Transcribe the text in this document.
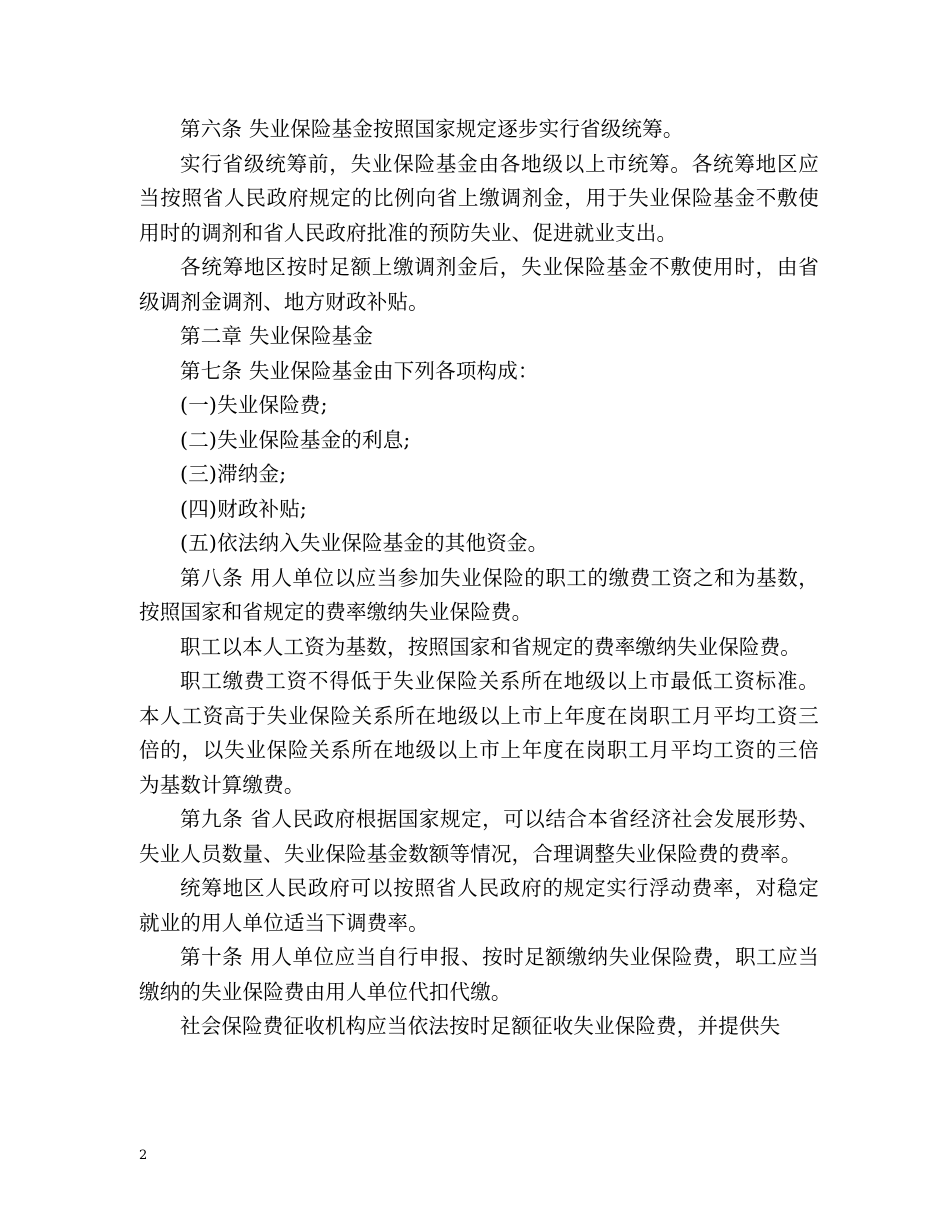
第六条 失业保险基金按照国家规定逐步实行省级统筹。

实行省级统筹前，失业保险基金由各地级以上市统筹。各统筹地区应当按照省人民政府规定的比例向省上缴调剂金，用于失业保险基金不敷使用时的调剂和省人民政府批准的预防失业、促进就业支出。

各统筹地区按时足额上缴调剂金后，失业保险基金不敷使用时，由省级调剂金调剂、地方财政补贴。

第二章 失业保险基金

第七条 失业保险基金由下列各项构成：

(一)失业保险费;

(二)失业保险基金的利息;

(三)滞纳金;

(四)财政补贴;

(五)依法纳入失业保险基金的其他资金。

第八条 用人单位以应当参加失业保险的职工的缴费工资之和为基数，按照国家和省规定的费率缴纳失业保险费。

职工以本人工资为基数，按照国家和省规定的费率缴纳失业保险费。

职工缴费工资不得低于失业保险关系所在地级以上市最低工资标准。本人工资高于失业保险关系所在地级以上市上年度在岗职工月平均工资三倍的，以失业保险关系所在地级以上市上年度在岗职工月平均工资的三倍为基数计算缴费。

第九条 省人民政府根据国家规定，可以结合本省经济社会发展形势、失业人员数量、失业保险基金数额等情况，合理调整失业保险费的费率。

统筹地区人民政府可以按照省人民政府的规定实行浮动费率，对稳定就业的用人单位适当下调费率。

第十条 用人单位应当自行申报、按时足额缴纳失业保险费，职工应当缴纳的失业保险费由用人单位代扣代缴。

社会保险费征收机构应当依法按时足额征收失业保险费，并提供失

2
